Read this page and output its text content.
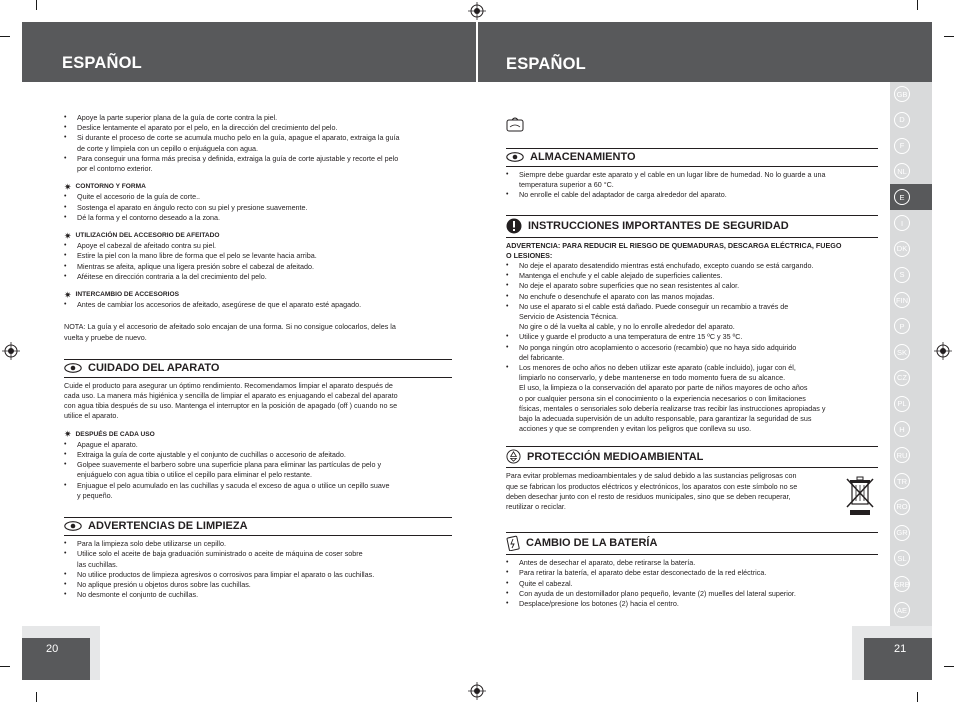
ESPAÑOL	ESPAÑOL
• Apoye la parte superior plana de la guía de corte contra la piel.
• Deslice lentamente el aparato por el pelo, en la dirección del crecimiento del pelo.
• Si durante el proceso de corte se acumula mucho pelo en la guía, apague el aparato, extraiga la guía
de corte y límpiela con un cepillo o enjuáguela con agua.
• Para conseguir una forma más precisa y definida, extraiga la guía de corte ajustable y recorte el pelo
por el contorno exterior.
✷ CONTORNO Y FORMA
• Quite el accesorio de la guía de corte..
• Sostenga el aparato en ángulo recto con su piel y presione suavemente.
• Dé la forma y el contorno deseado a la zona.
✷ UTILIZACIÓN DEL ACCESORIO DE AFEITADO
• Apoye el cabezal de afeitado contra su piel.
• Estire la piel con la mano libre de forma que el pelo se levante hacia arriba.
• Mientras se afeita, aplique una ligera presión sobre el cabezal de afeitado.
• Aféitese en dirección contraria a la del crecimiento del pelo.
✷ INTERCAMBIO DE ACCESORIOS
• Antes de cambiar los accesorios de afeitado, asegúrese de que el aparato esté apagado.

NOTA: La guía y el accesorio de afeitado solo encajan de una forma. Si no consigue colocarlos, deles la
vuelta y pruebe de nuevo.

CUIDADO DEL APARATO
Cuide el producto para asegurar un óptimo rendimiento. Recomendamos limpiar el aparato después de
cada uso. La manera más higiénica y sencilla de limpiar el aparato es enjuagando el cabezal del aparato
con agua tibia después de su uso. Mantenga el interruptor en la posición de apagado (off ) cuando no se
utilice el aparato.
✷ DESPUÉS DE CADA USO
• Apague el aparato.
• Extraiga la guía de corte ajustable y el conjunto de cuchillas o accesorio de afeitado.
• Golpee suavemente el barbero sobre una superficie plana para eliminar las partículas de pelo y
enjuáguelo con agua tibia o utilice el cepillo para eliminar el pelo restante.
• Enjuague el pelo acumulado en las cuchillas y sacuda el exceso de agua o utilice un cepillo suave
y pequeño.
ADVERTENCIAS DE LIMPIEZA
• Para la limpieza solo debe utilizarse un cepillo.
• Utilice solo el aceite de baja graduación suministrado o aceite de máquina de coser sobre
las cuchillas.
• No utilice productos de limpieza agresivos o corrosivos para limpiar el aparato o las cuchillas.
• No aplique presión u objetos duros sobre las cuchillas.
• No desmonte el conjunto de cuchillas.
ALMACENAMIENTO
• Siempre debe guardar este aparato y el cable en un lugar libre de humedad. No lo guarde a una
temperatura superior a 60 °C.
• No enrolle el cable del adaptador de carga alrededor del aparato.
INSTRUCCIONES IMPORTANTES DE SEGURIDAD
ADVERTENCIA: PARA REDUCIR EL RIESGO DE QUEMADURAS, DESCARGA ELÉCTRICA, FUEGO
O LESIONES:
• No deje el aparato desatendido mientras está enchufado, excepto cuando se está cargando.
• Mantenga el enchufe y el cable alejado de superficies calientes.
• No deje el aparato sobre superficies que no sean resistentes al calor.
• No enchufe o desenchufe el aparato con las manos mojadas.
• No use el aparato si el cable está dañado. Puede conseguir un recambio a través de
Servicio de Asistencia Técnica.
No gire o dé la vuelta al cable, y no lo enrolle alrededor del aparato.
• Utilice y guarde el producto a una temperatura de entre 15 ºC y 35 ºC.
• No ponga ningún otro acoplamiento o accesorio (recambio) que no haya sido adquirido
del fabricante.
• Los menores de ocho años no deben utilizar este aparato (cable incluido), jugar con él,
limpiarlo no conservarlo, y debe mantenerse en todo momento fuera de su alcance.
El uso, la limpieza o la conservación del aparato por parte de niños mayores de ocho años
o por cualquier persona sin el conocimiento o la experiencia necesarios o con limitaciones
físicas, mentales o sensoriales solo debería realizarse tras recibir las instrucciones apropiadas y
bajo la adecuada supervisión de un adulto responsable, para garantizar la seguridad de sus
acciones y que se comprenden y evitan los peligros que conlleva su uso.
PROTECCIÓN MEDIOAMBIENTAL
Para evitar problemas medioambientales y de salud debido a las sustancias peligrosas con
que se fabrican los productos eléctricos y electrónicos, los aparatos con este símbolo no se
deben desechar junto con el resto de residuos municipales, sino que se deben recuperar,
reutilizar o reciclar.
CAMBIO DE LA BATERÍA
• Antes de desechar el aparato, debe retirarse la batería.
• Para retirar la batería, el aparato debe estar desconectado de la red eléctrica.
• Quite el cabezal.
• Con ayuda de un destornillador plano pequeño, levante (2) muelles del lateral superior.
• Desplace/presione los botones (2) hacia el centro.
GB
D
F
NL
E
I
DK
S
FIN
P
SK
CZ
PL
H
RU
TR
RO
GR
SL
SRB
AE
20	21
